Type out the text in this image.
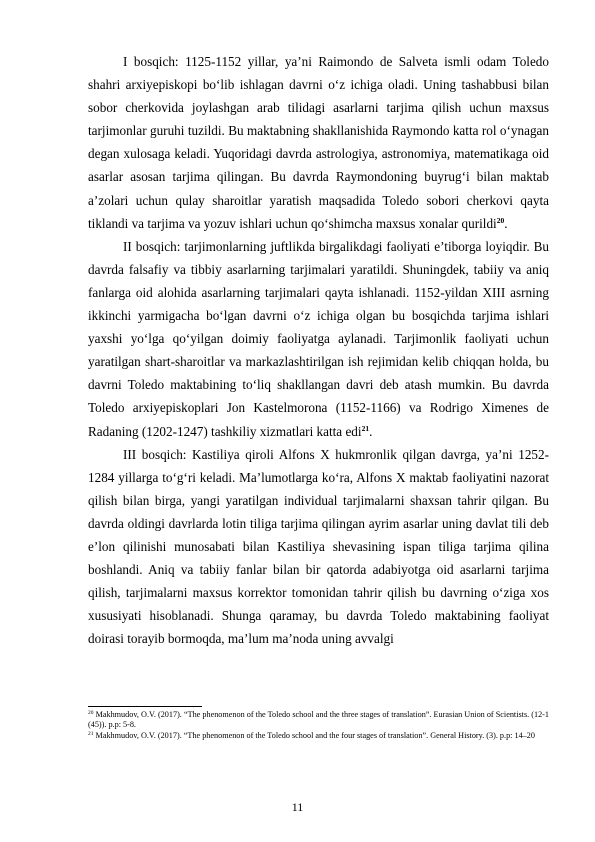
I bosqich: 1125-1152 yillar, ya’ni Raimondo de Salveta ismli odam Toledo shahri arxiyepiskopi boʻlib ishlagan davrni oʻz ichiga oladi. Uning tashabbusi bilan sobor cherkovida joylashgan arab tilidagi asarlarni tarjima qilish uchun maxsus tarjimonlar guruhi tuzildi. Bu maktabning shakllanishida Raymondo katta rol oʻynagan degan xulosaga keladi. Yuqoridagi davrda astrologiya, astronomiya, matematikaga oid asarlar asosan tarjima qilingan. Bu davrda Raymondoning buyrugʻi bilan maktab aʼzolari uchun qulay sharoitlar yaratish maqsadida Toledo sobori cherkovi qayta tiklandi va tarjima va yozuv ishlari uchun qoʻshimcha maxsus xonalar qurildi$^{20}$.

II bosqich: tarjimonlarning juftlikda birgalikdagi faoliyati e’tiborga loyiqdir. Bu davrda falsafiy va tibbiy asarlarning tarjimalari yaratildi. Shuningdek, tabiiy va aniq fanlarga oid alohida asarlarning tarjimalari qayta ishlanadi. 1152-yildan XIII asrning ikkinchi yarmigacha boʻlgan davrni oʻz ichiga olgan bu bosqichda tarjima ishlari yaxshi yoʻlga qoʻyilgan doimiy faoliyatga aylanadi. Tarjimonlik faoliyati uchun yaratilgan shart-sharoitlar va markazlashtirilgan ish rejimidan kelib chiqqan holda, bu davrni Toledo maktabining toʻliq shakllangan davri deb atash mumkin. Bu davrda Toledo arxiyepiskoplari Jon Kastelmorona (1152-1166) va Rodrigo Ximenes de Radaning (1202-1247) tashkiliy xizmatlari katta edi$^{21}$.

III bosqich: Kastiliya qiroli Alfons X hukmronlik qilgan davrga, ya’ni 1252-1284 yillarga toʻgʻri keladi. Ma’lumotlarga koʻra, Alfons X maktab faoliyatini nazorat qilish bilan birga, yangi yaratilgan individual tarjimalarni shaxsan tahrir qilgan. Bu davrda oldingi davrlarda lotin tiliga tarjima qilingan ayrim asarlar uning davlat tili deb e’lon qilinishi munosabati bilan Kastiliya shevasining ispan tiliga tarjima qilina boshlandi. Aniq va tabiiy fanlar bilan bir qatorda adabiyotga oid asarlarni tarjima qilish, tarjimalarni maxsus korrektor tomonidan tahrir qilish bu davrning oʻziga xos xususiyati hisoblanadi. Shunga qaramay, bu davrda Toledo maktabining faoliyat doirasi torayib bormoqda, ma’lum ma’noda uning avvalgi

$^{20}$ Makhmudov, O.V. (2017). “The phenomenon of the Toledo school and the three stages of translation”. Eurasian Union of Scientists. (12-1 (45)). p.p: 5-8.

$^{21}$ Makhmudov, O.V. (2017). “The phenomenon of the Toledo school and the four stages of translation”. General History. (3). p.p: 14–20

11
